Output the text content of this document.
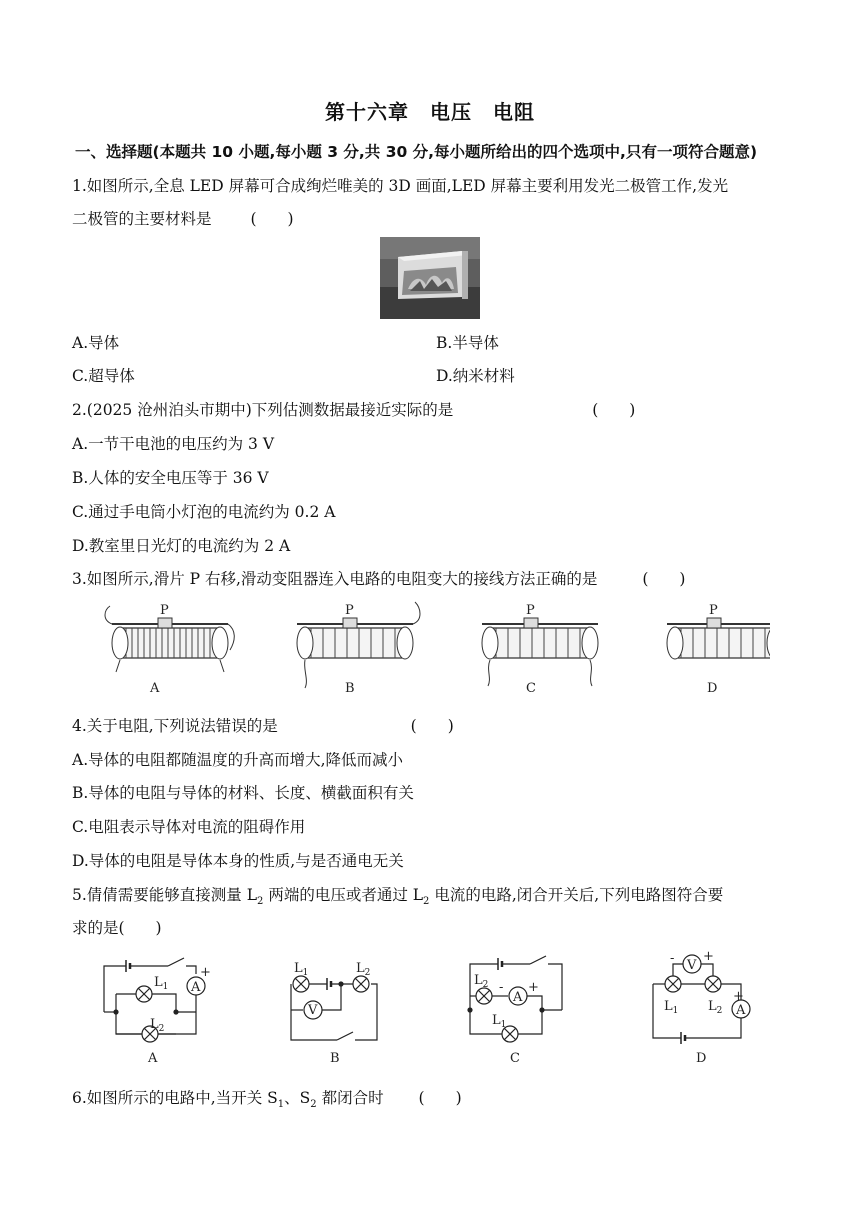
第十六章　电压　电阻
一、选择题(本题共 10 小题,每小题 3 分,共 30 分,每小题所给出的四个选项中,只有一项符合题意)
1.如图所示,全息 LED 屏幕可合成绚烂唯美的 3D 画面,LED 屏幕主要利用发光二极管工作,发光
二极管的主要材料是	(　　)
A.导体	B.半导体
C.超导体	D.纳米材料
2.(2025 沧州泊头市期中)下列估测数据最接近实际的是	(　　)
A.一节干电池的电压约为 3 V
B.人体的安全电压等于 36 V
C.通过手电筒小灯泡的电流约为 0.2 A
D.教室里日光灯的电流约为 2 A
3.如图所示,滑片 P 右移,滑动变阻器连入电路的电阻变大的接线方法正确的是	(　　)
P
A
P
B
P
C
P
D
4.关于电阻,下列说法错误的是	(　　)
A.导体的电阻都随温度的升高而增大,降低而减小
B.导体的电阻与导体的材料、长度、横截面积有关
C.电阻表示导体对电流的阻碍作用
D.导体的电阻是导体本身的性质,与是否通电无关
5.倩倩需要能够直接测量 $L_2$ 两端的电压或者通过 $L_2$ 电流的电路,闭合开关后,下列电路图符合要
求的是(　　)
A
+
$L_1$
$L_2$
A
V
$L_1$	$L_2$
B
A
- +
$L_2$
$L_1$
C
V
- +
A
+
$L_1$ $L_2$
D
6.如图所示的电路中,当开关 $S_1$、$S_2$ 都闭合时 (　　)
